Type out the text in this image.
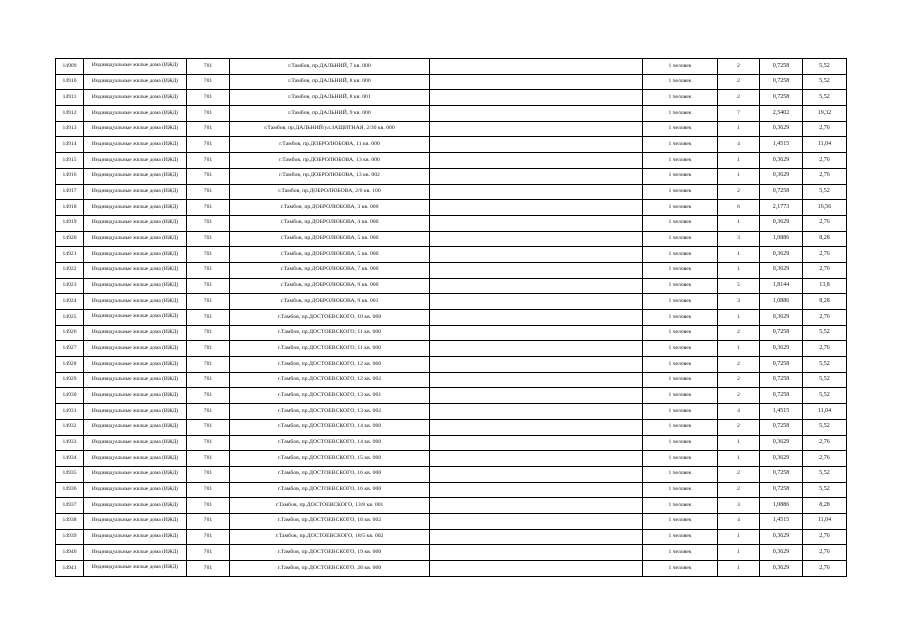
14909	Индивидуальные жилые дома (ИЖД)	701	г.Тамбов, пр.ДАЛЬНИЙ, 7 кв. 000		1 человек	2	0,7258	5,52
14910	Индивидуальные жилые дома (ИЖД)	701	г.Тамбов, пр.ДАЛЬНИЙ, 8 кв. 000		1 человек	2	0,7258	5,52
14911	Индивидуальные жилые дома (ИЖД)	701	г.Тамбов, пр.ДАЛЬНИЙ, 8 кв. 001		1 человек	2	0,7258	5,52
14912	Индивидуальные жилые дома (ИЖД)	701	г.Тамбов, пр.ДАЛЬНИЙ, 9 кв. 000		1 человек	7	2,5402	19,32
14913	Индивидуальные жилые дома (ИЖД)	701	г.Тамбов, пр.ДАЛЬНИЙ/ул.ЗАЩИТНАЯ, 2/30 кв. 000		1 человек	1	0,3629	2,76
14914	Индивидуальные жилые дома (ИЖД)	701	г.Тамбов, пр.ДОБРОЛЮБОВА, 11 кв. 000		1 человек	4	1,4515	11,04
14915	Индивидуальные жилые дома (ИЖД)	701	г.Тамбов, пр.ДОБРОЛЮБОВА, 13 кв. 000		1 человек	1	0,3629	2,76
14916	Индивидуальные жилые дома (ИЖД)	701	г.Тамбов, пр.ДОБРОЛЮБОВА, 13 кв. 002		1 человек	1	0,3629	2,76
14917	Индивидуальные жилые дома (ИЖД)	701	г.Тамбов, пр.ДОБРОЛЮБОВА, 2/6 кв. 100		1 человек	2	0,7258	5,52
14918	Индивидуальные жилые дома (ИЖД)	701	г.Тамбов, пр.ДОБРОЛЮБОВА, 3 кв. 000		1 человек	6	2,1773	16,56
14919	Индивидуальные жилые дома (ИЖД)	701	г.Тамбов, пр.ДОБРОЛЮБОВА, 4 кв. 000		1 человек	1	0,3629	2,76
14920	Индивидуальные жилые дома (ИЖД)	701	г.Тамбов, пр.ДОБРОЛЮБОВА, 5 кв. 000		1 человек	3	1,0886	8,28
14921	Индивидуальные жилые дома (ИЖД)	701	г.Тамбов, пр.ДОБРОЛЮБОВА, 5 кв. 000		1 человек	1	0,3629	2,76
14922	Индивидуальные жилые дома (ИЖД)	701	г.Тамбов, пр.ДОБРОЛЮБОВА, 7 кв. 000		1 человек	1	0,3629	2,76
14923	Индивидуальные жилые дома (ИЖД)	701	г.Тамбов, пр.ДОБРОЛЮБОВА, 9 кв. 000		1 человек	5	1,8144	13,8
14924	Индивидуальные жилые дома (ИЖД)	701	г.Тамбов, пр.ДОБРОЛЮБОВА, 9 кв. 001		1 человек	3	1,0886	8,28
14925	Индивидуальные жилые дома (ИЖД)	701	г.Тамбов, пр.ДОСТОЕВСКОГО, 10 кв. 000		1 человек	1	0,3629	2,76
14926	Индивидуальные жилые дома (ИЖД)	701	г.Тамбов, пр.ДОСТОЕВСКОГО, 11 кв. 000		1 человек	2	0,7258	5,52
14927	Индивидуальные жилые дома (ИЖД)	701	г.Тамбов, пр.ДОСТОЕВСКОГО, 11 кв. 000		1 человек	1	0,3629	2,76
14928	Индивидуальные жилые дома (ИЖД)	701	г.Тамбов, пр.ДОСТОЕВСКОГО, 12 кв. 000		1 человек	2	0,7258	5,52
14929	Индивидуальные жилые дома (ИЖД)	701	г.Тамбов, пр.ДОСТОЕВСКОГО, 12 кв. 002		1 человек	2	0,7258	5,52
14930	Индивидуальные жилые дома (ИЖД)	701	г.Тамбов, пр.ДОСТОЕВСКОГО, 13 кв. 001		1 человек	2	0,7258	5,52
14931	Индивидуальные жилые дома (ИЖД)	701	г.Тамбов, пр.ДОСТОЕВСКОГО, 13 кв. 002		1 человек	4	1,4515	11,04
14932	Индивидуальные жилые дома (ИЖД)	701	г.Тамбов, пр.ДОСТОЕВСКОГО, 14 кв. 000		1 человек	2	0,7258	5,52
14933	Индивидуальные жилые дома (ИЖД)	701	г.Тамбов, пр.ДОСТОЕВСКОГО, 14 кв. 000		1 человек	1	0,3629	2,76
14934	Индивидуальные жилые дома (ИЖД)	701	г.Тамбов, пр.ДОСТОЕВСКОГО, 15 кв. 000		1 человек	1	0,3629	2,76
14935	Индивидуальные жилые дома (ИЖД)	701	г.Тамбов, пр.ДОСТОЕВСКОГО, 16 кв. 000		1 человек	2	0,7258	5,52
14936	Индивидуальные жилые дома (ИЖД)	701	г.Тамбов, пр.ДОСТОЕВСКОГО, 16 кв. 000		1 человек	2	0,7258	5,52
14937	Индивидуальные жилые дома (ИЖД)	701	г.Тамбов, пр.ДОСТОЕВСКОГО, 13/8 кв. 001		1 человек	3	1,0886	8,28
14938	Индивидуальные жилые дома (ИЖД)	701	г.Тамбов, пр.ДОСТОЕВСКОГО, 18 кв. 002		1 человек	4	1,4515	11,04
14939	Индивидуальные жилые дома (ИЖД)	701	г.Тамбов, пр.ДОСТОЕВСКОГО, 18/5 кв. 002		1 человек	1	0,3629	2,76
14940	Индивидуальные жилые дома (ИЖД)	701	г.Тамбов, пр.ДОСТОЕВСКОГО, 19 кв. 000		1 человек	1	0,3629	2,76
14941	Индивидуальные жилые дома (ИЖД)	701	г.Тамбов, пр.ДОСТОЕВСКОГО, 28 кв. 000		1 человек	1	0,3629	2,76
